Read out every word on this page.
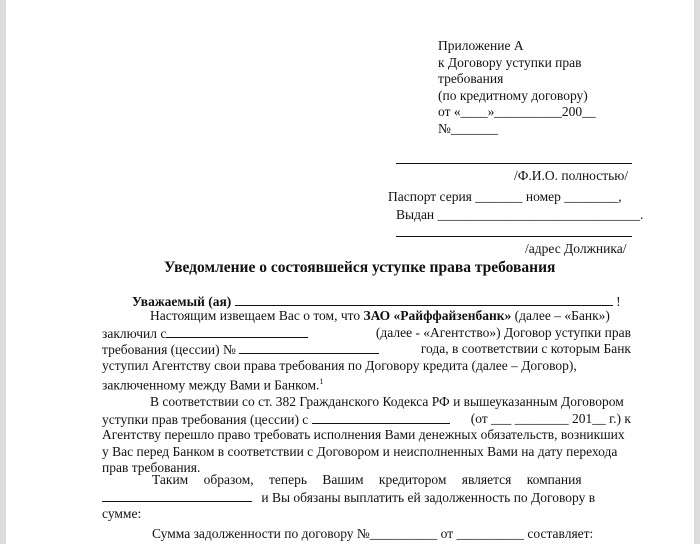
Приложение А
к Договору уступки прав
требования
(по кредитному договору)
от «____»__________200__
№_______
/Ф.И.О. полностью/
Паспорт серия _______ номер ________,
Выдан ______________________________.
/адрес Должника/
Уведомление о состоявшейся уступке права требования
Уважаемый (ая)	!
Настоящим извещаем Вас о том, что ЗАО «Райффайзенбанк» (далее – «Банк»)
заключил с	(далее - «Агентство») Договор уступки прав
требования (цессии) №	года, в соответствии с которым Банк
уступил Агентству свои права требования по Договору кредита (далее – Договор),
заключенному между Вами и Банком.$^1$
В соответствии со ст. 382 Гражданского Кодекса РФ и вышеуказанным Договором
уступки прав требования (цессии) с	(от ___ ________ 201__ г.) к
Агентству перешло право требовать исполнения Вами денежных обязательств, возникших
у Вас перед Банком в соответствии с Договором и неисполненных Вами на дату перехода
прав требования.
Таким образом, теперь Вашим кредитором является компания
и Вы обязаны выплатить ей задолженность по Договору в
сумме:
Сумма задолженности по договору №__________ от __________ составляет:
